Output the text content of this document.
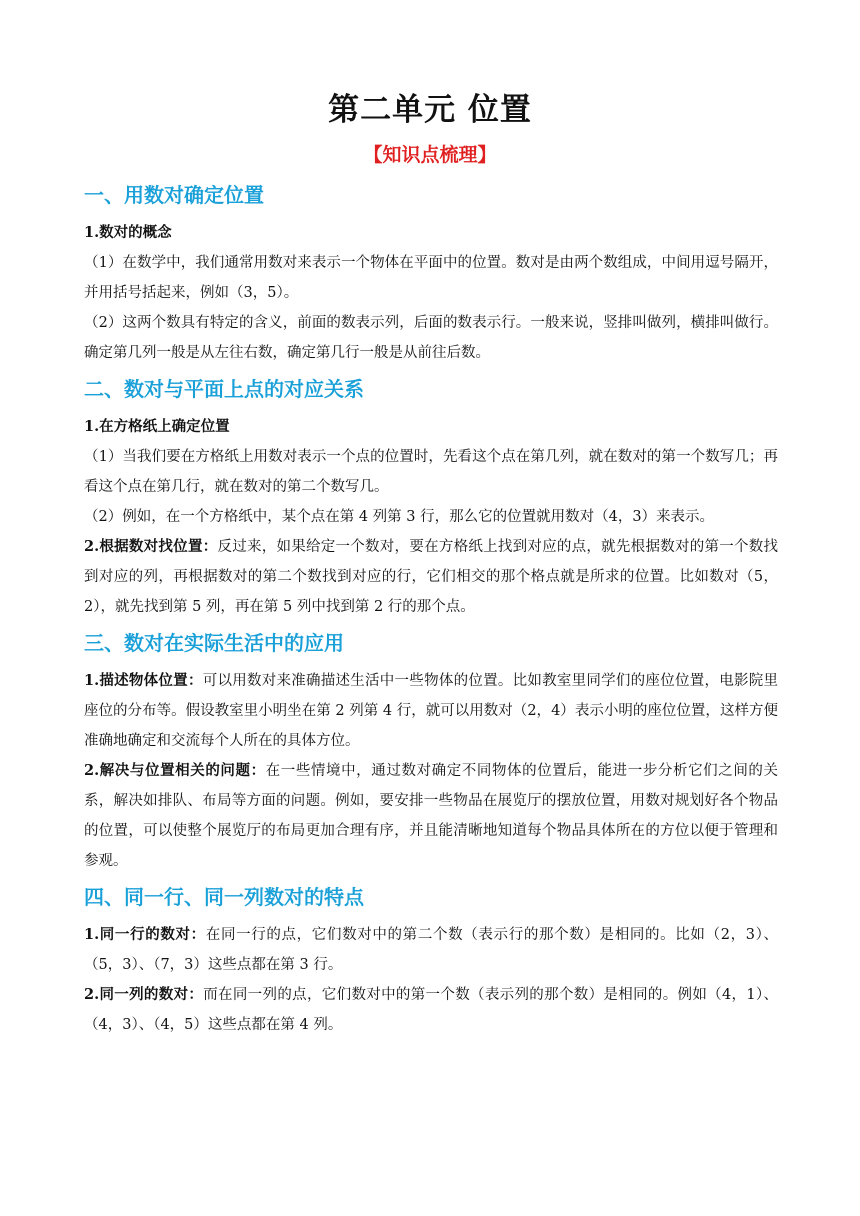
第二单元 位置
【知识点梳理】
一、用数对确定位置

1.数对的概念

（1）在数学中，我们通常用数对来表示一个物体在平面中的位置。数对是由两个数组成，中间用逗号隔开，并用括号括起来，例如（3，5）。

（2）这两个数具有特定的含义，前面的数表示列，后面的数表示行。一般来说，竖排叫做列，横排叫做行。确定第几列一般是从左往右数，确定第几行一般是从前往后数。

二、数对与平面上点的对应关系

1.在方格纸上确定位置

（1）当我们要在方格纸上用数对表示一个点的位置时，先看这个点在第几列，就在数对的第一个数写几；再看这个点在第几行，就在数对的第二个数写几。

（2）例如，在一个方格纸中，某个点在第 4 列第 3 行，那么它的位置就用数对（4，3）来表示。

2.根据数对找位置：反过来，如果给定一个数对，要在方格纸上找到对应的点，就先根据数对的第一个数找到对应的列，再根据数对的第二个数找到对应的行，它们相交的那个格点就是所求的位置。比如数对（5，2），就先找到第 5 列，再在第 5 列中找到第 2 行的那个点。

三、数对在实际生活中的应用

1.描述物体位置：可以用数对来准确描述生活中一些物体的位置。比如教室里同学们的座位位置，电影院里座位的分布等。假设教室里小明坐在第 2 列第 4 行，就可以用数对（2，4）表示小明的座位位置，这样方便准确地确定和交流每个人所在的具体方位。

2.解决与位置相关的问题：在一些情境中，通过数对确定不同物体的位置后，能进一步分析它们之间的关系，解决如排队、布局等方面的问题。例如，要安排一些物品在展览厅的摆放位置，用数对规划好各个物品的位置，可以使整个展览厅的布局更加合理有序，并且能清晰地知道每个物品具体所在的方位以便于管理和参观。

四、同一行、同一列数对的特点

1.同一行的数对：在同一行的点，它们数对中的第二个数（表示行的那个数）是相同的。比如（2，3）、（5，3）、（7，3）这些点都在第 3 行。

2.同一列的数对：而在同一列的点，它们数对中的第一个数（表示列的那个数）是相同的。例如（4，1）、（4，3）、（4，5）这些点都在第 4 列。
